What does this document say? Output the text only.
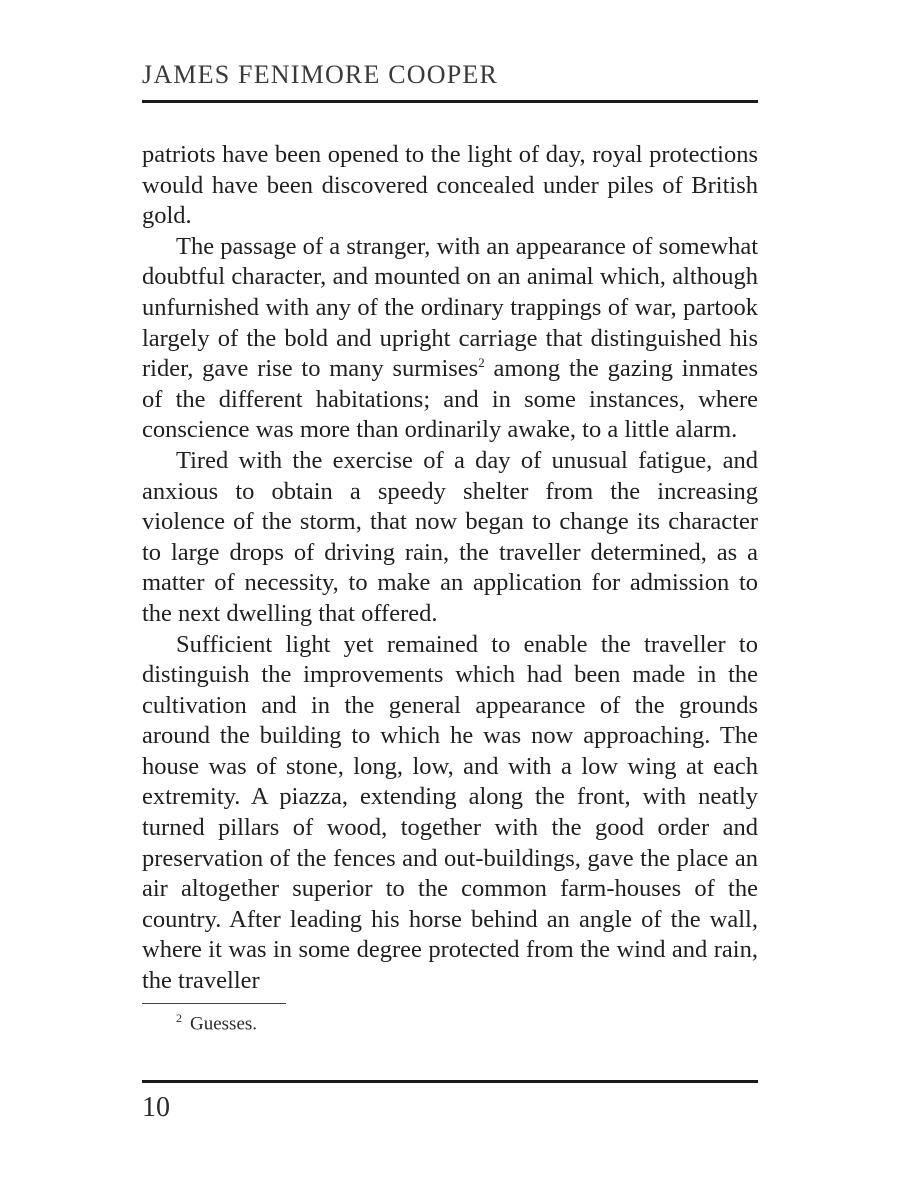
JAMES FENIMORE COOPER

patriots have been opened to the light of day, royal protections would have been discovered concealed under piles of British gold.

The passage of a stranger, with an appearance of somewhat doubtful character, and mounted on an animal which, although unfurnished with any of the ordinary trappings of war, partook largely of the bold and upright carriage that distinguished his rider, gave rise to many surmises$^2$ among the gazing inmates of the different habitations; and in some instances, where conscience was more than ordinarily awake, to a little alarm.

Tired with the exercise of a day of unusual fatigue, and anxious to obtain a speedy shelter from the increasing violence of the storm, that now began to change its character to large drops of driving rain, the traveller determined, as a matter of necessity, to make an application for admission to the next dwelling that offered.

Sufficient light yet remained to enable the traveller to distinguish the improvements which had been made in the cultivation and in the general appearance of the grounds around the building to which he was now approaching. The house was of stone, long, low, and with a low wing at each extremity. A piazza, extending along the front, with neatly turned pillars of wood, together with the good order and preservation of the fences and out-buildings, gave the place an air altogether superior to the common farm-houses of the country. After leading his horse behind an angle of the wall, where it was in some degree protected from the wind and rain, the traveller

$^2$ Guesses.
10
